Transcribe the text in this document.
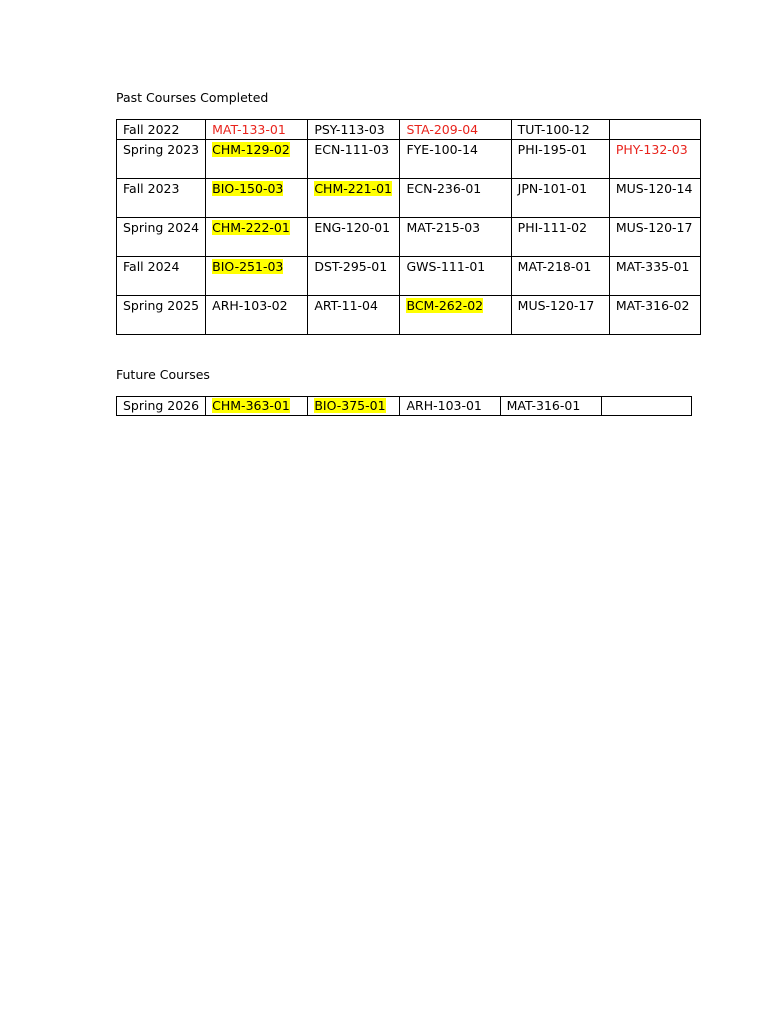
Past Courses Completed
Fall 2022	MAT-133-01	PSY-113-03	STA-209-04	TUT-100-12	
Spring 2023	CHM-129-02	ECN-111-03	FYE-100-14	PHI-195-01	PHY-132-03
Fall 2023	BIO-150-03	CHM-221-01	ECN-236-01	JPN-101-01	MUS-120-14
Spring 2024	CHM-222-01	ENG-120-01	MAT-215-03	PHI-111-02	MUS-120-17
Fall 2024	BIO-251-03	DST-295-01	GWS-111-01	MAT-218-01	MAT-335-01
Spring 2025	ARH-103-02	ART-11-04	BCM-262-02	MUS-120-17	MAT-316-02
Future Courses
Spring 2026	CHM-363-01	BIO-375-01	ARH-103-01	MAT-316-01	
